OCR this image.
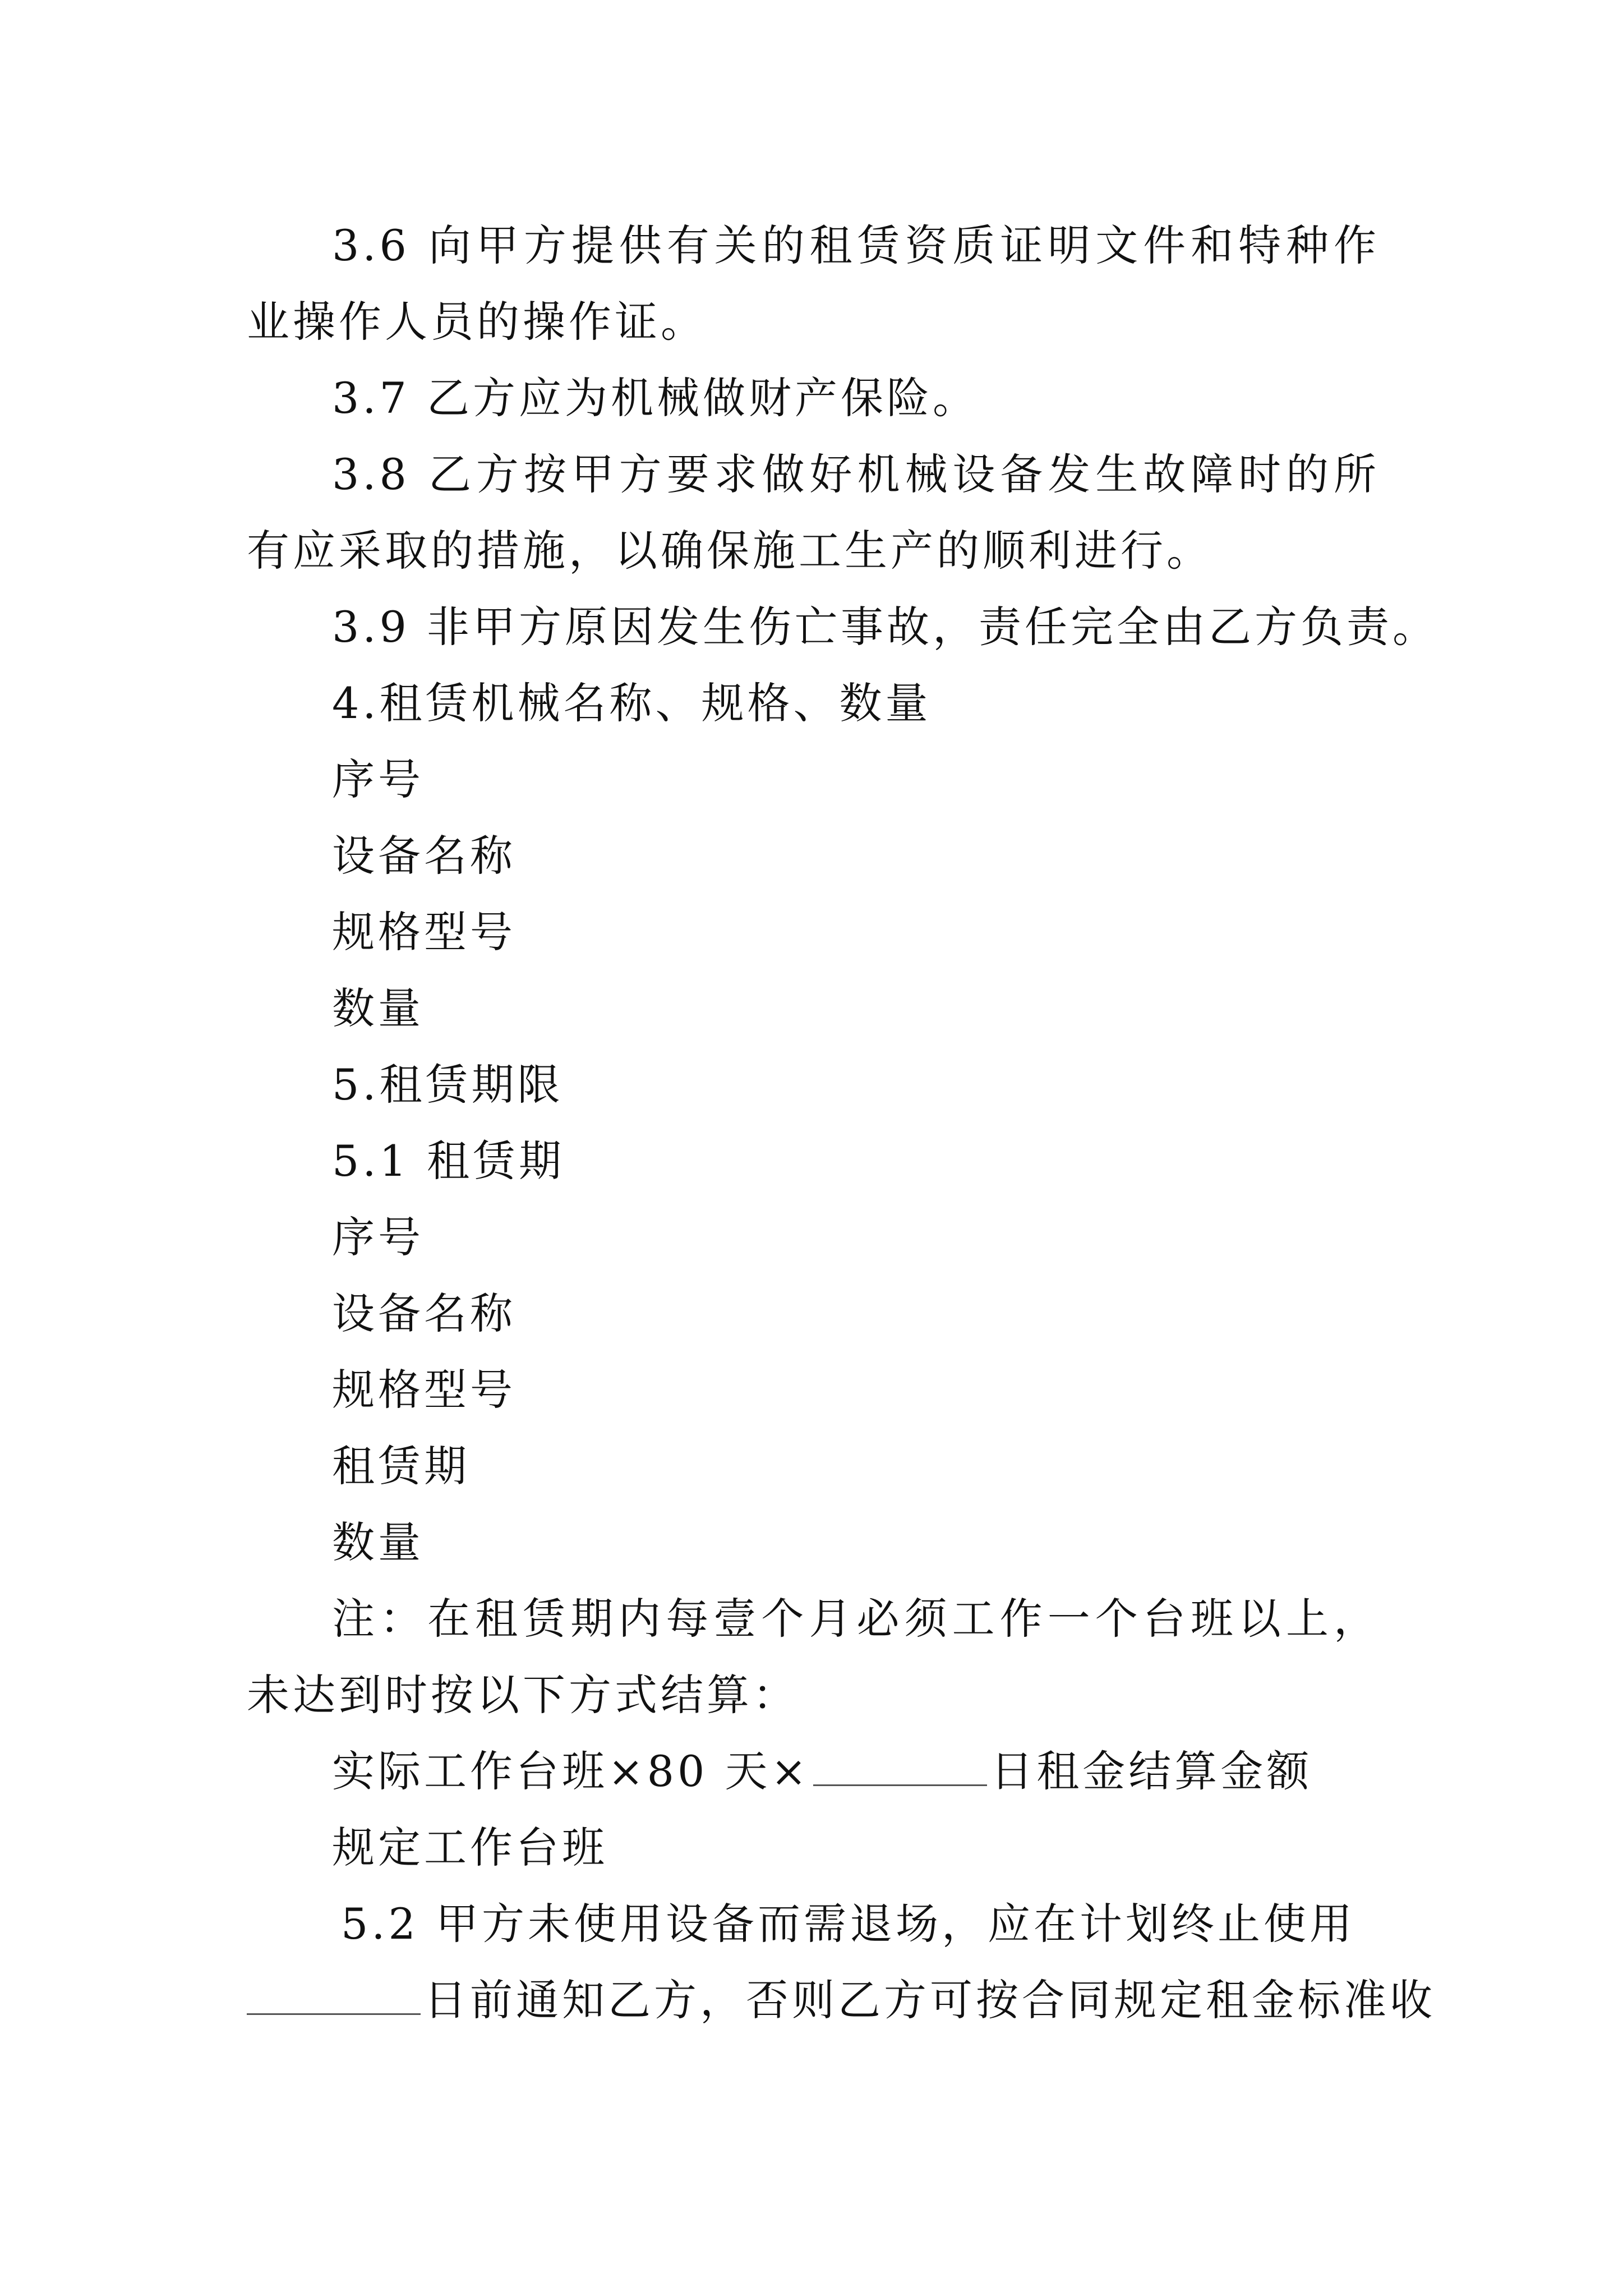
3.6 向甲方提供有关的租赁资质证明文件和特种作业操作人员的操作证。

3.7 乙方应为机械做财产保险。

3.8 乙方按甲方要求做好机械设备发生故障时的所有应采取的措施，以确保施工生产的顺利进行。

3.9 非甲方原因发生伤亡事故，责任完全由乙方负责。

4.租赁机械名称、规格、数量

序号

设备名称

规格型号

数量

5.租赁期限

5.1 租赁期

序号

设备名称

规格型号

租赁期

数量

注：在租赁期内每壹个月必须工作一个台班以上，未达到时按以下方式结算：

实际工作台班×80 天×	日租金结算金额

规定工作台班

5.2 甲方未使用设备而需退场，应在计划终止使用

日前通知乙方，否则乙方可按合同规定租金标准收
